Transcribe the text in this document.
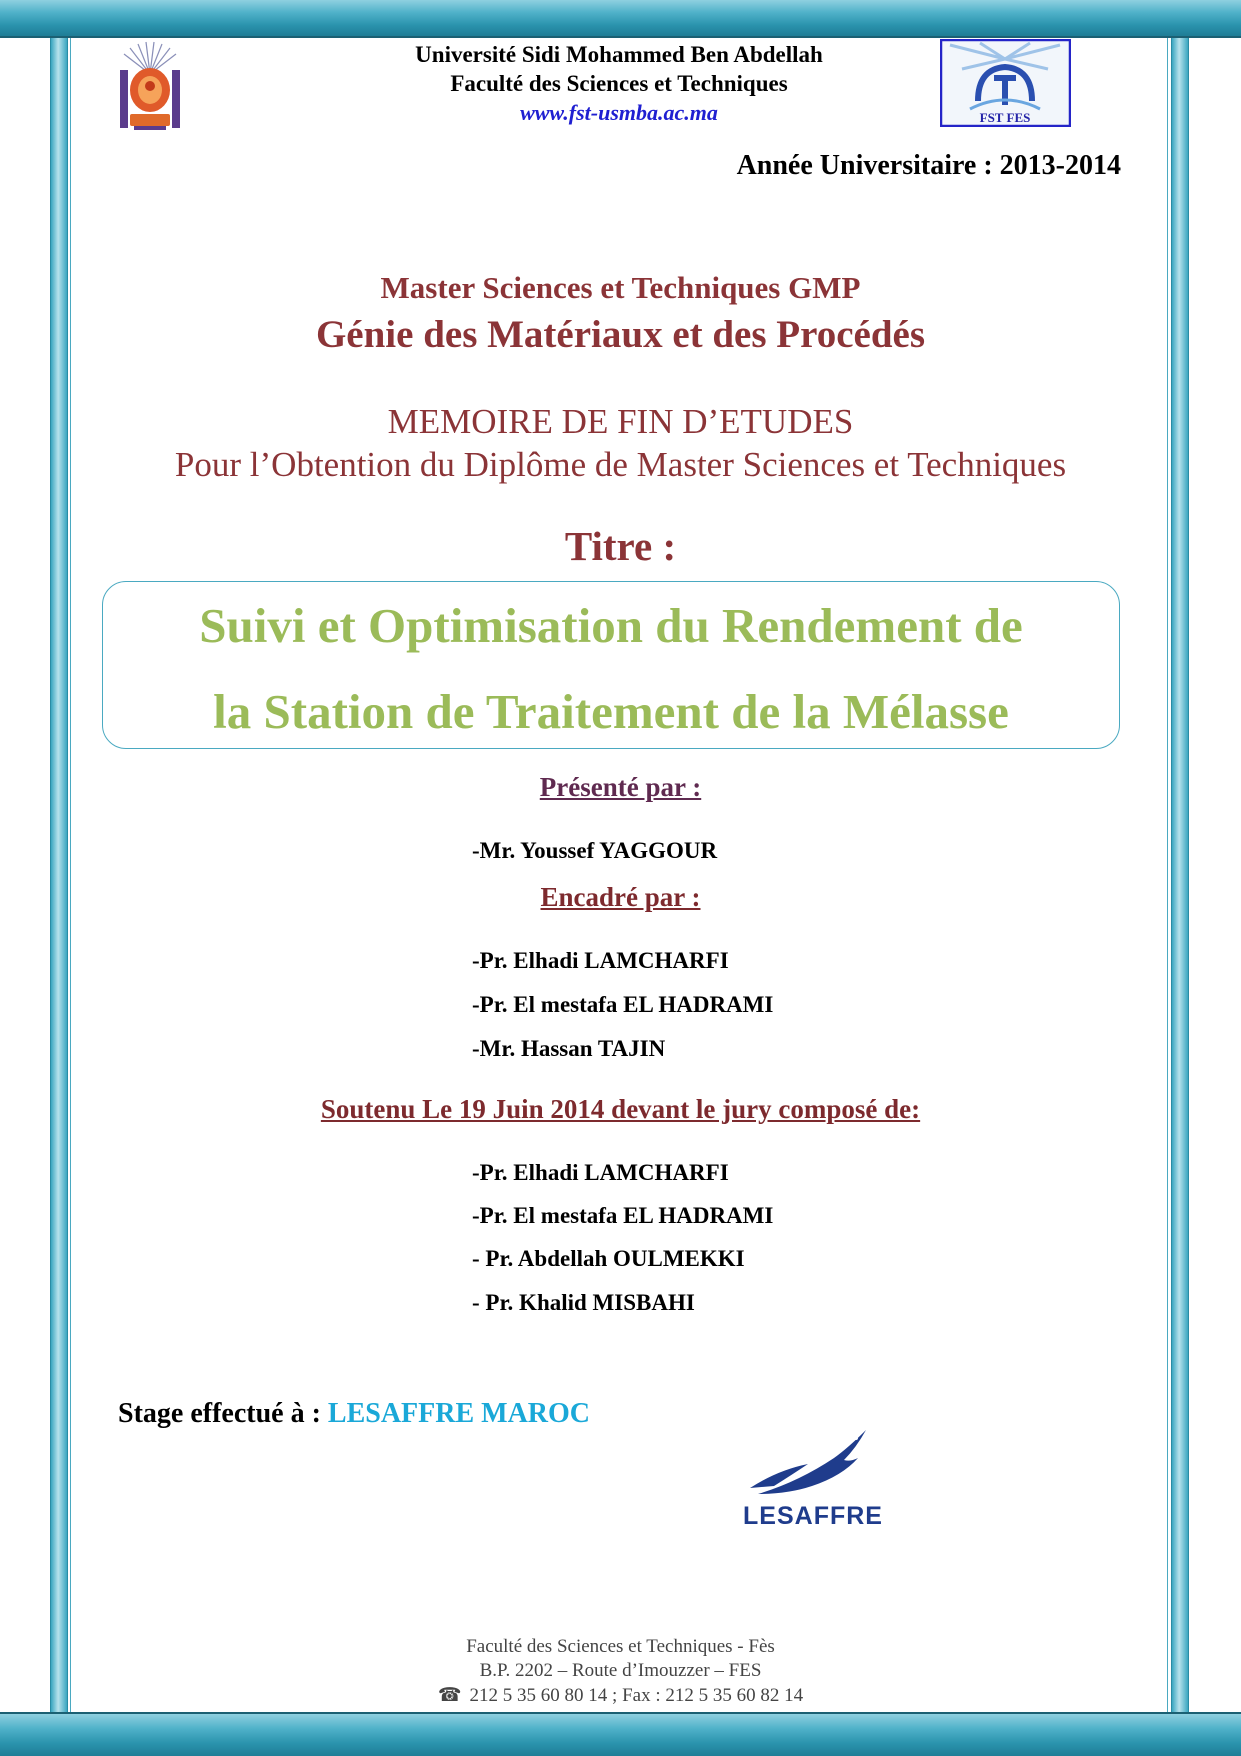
Université Sidi Mohammed Ben Abdellah
Faculté des Sciences et Techniques
www.fst-usmba.ac.ma	FST FES
Année Universitaire : 2013-2014
Master Sciences et Techniques GMP
Génie des Matériaux et des Procédés
MEMOIRE DE FIN D’ETUDES
Pour l’Obtention du Diplôme de Master Sciences et Techniques
Titre :
Suivi et Optimisation du Rendement de
la Station de Traitement de la Mélasse
Présenté par :
-Mr. Youssef YAGGOUR
Encadré par :
-Pr. Elhadi LAMCHARFI
-Pr. El mestafa EL HADRAMI
-Mr. Hassan TAJIN
Soutenu Le 19 Juin 2014 devant le jury composé de:
-Pr. Elhadi LAMCHARFI
-Pr. El mestafa EL HADRAMI
- Pr. Abdellah OULMEKKI
- Pr. Khalid MISBAHI
Stage effectué à : LESAFFRE MAROC
LESAFFRE
Faculté des Sciences et Techniques - Fès
B.P. 2202 – Route d’Imouzzer – FES
☎ 212 5 35 60 80 14 ; Fax : 212 5 35 60 82 14
